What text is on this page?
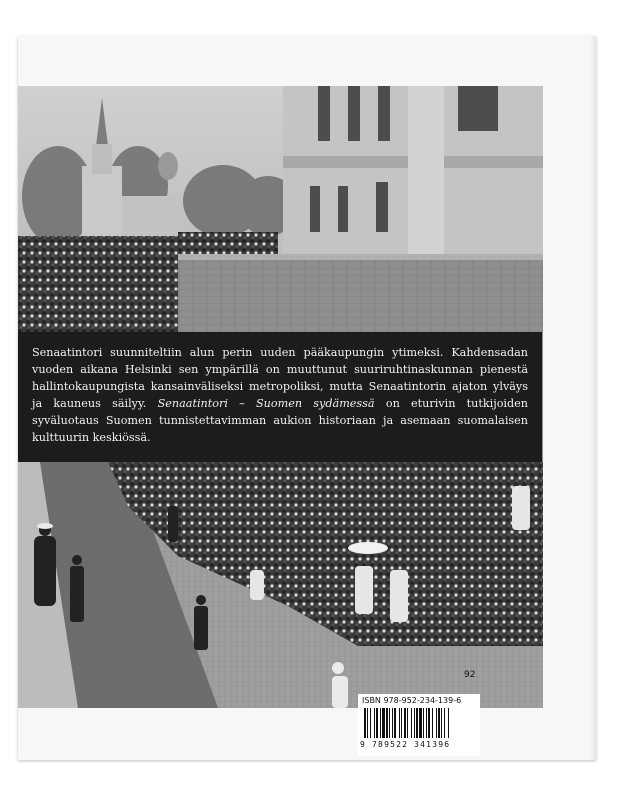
Senaatintori suunniteltiin alun perin uuden pääkaupungin ytimeksi. Kahdensadan vuoden aikana Helsinki sen ympärillä on muuttunut suuriruhtinaskunnan pienestä hallintokaupungista kansainväliseksi metropoliksi, mutta Senaatintorin ajaton ylväys ja kauneus säilyy. Senaatintori – Suomen sydämessä on eturivin tutkijoiden syväluotaus Suomen tunnistettavimman aukion historiaan ja asemaan suomalaisen kulttuurin keskiössä.
92
ISBN 978-952-234-139-6
9 789522 341396
